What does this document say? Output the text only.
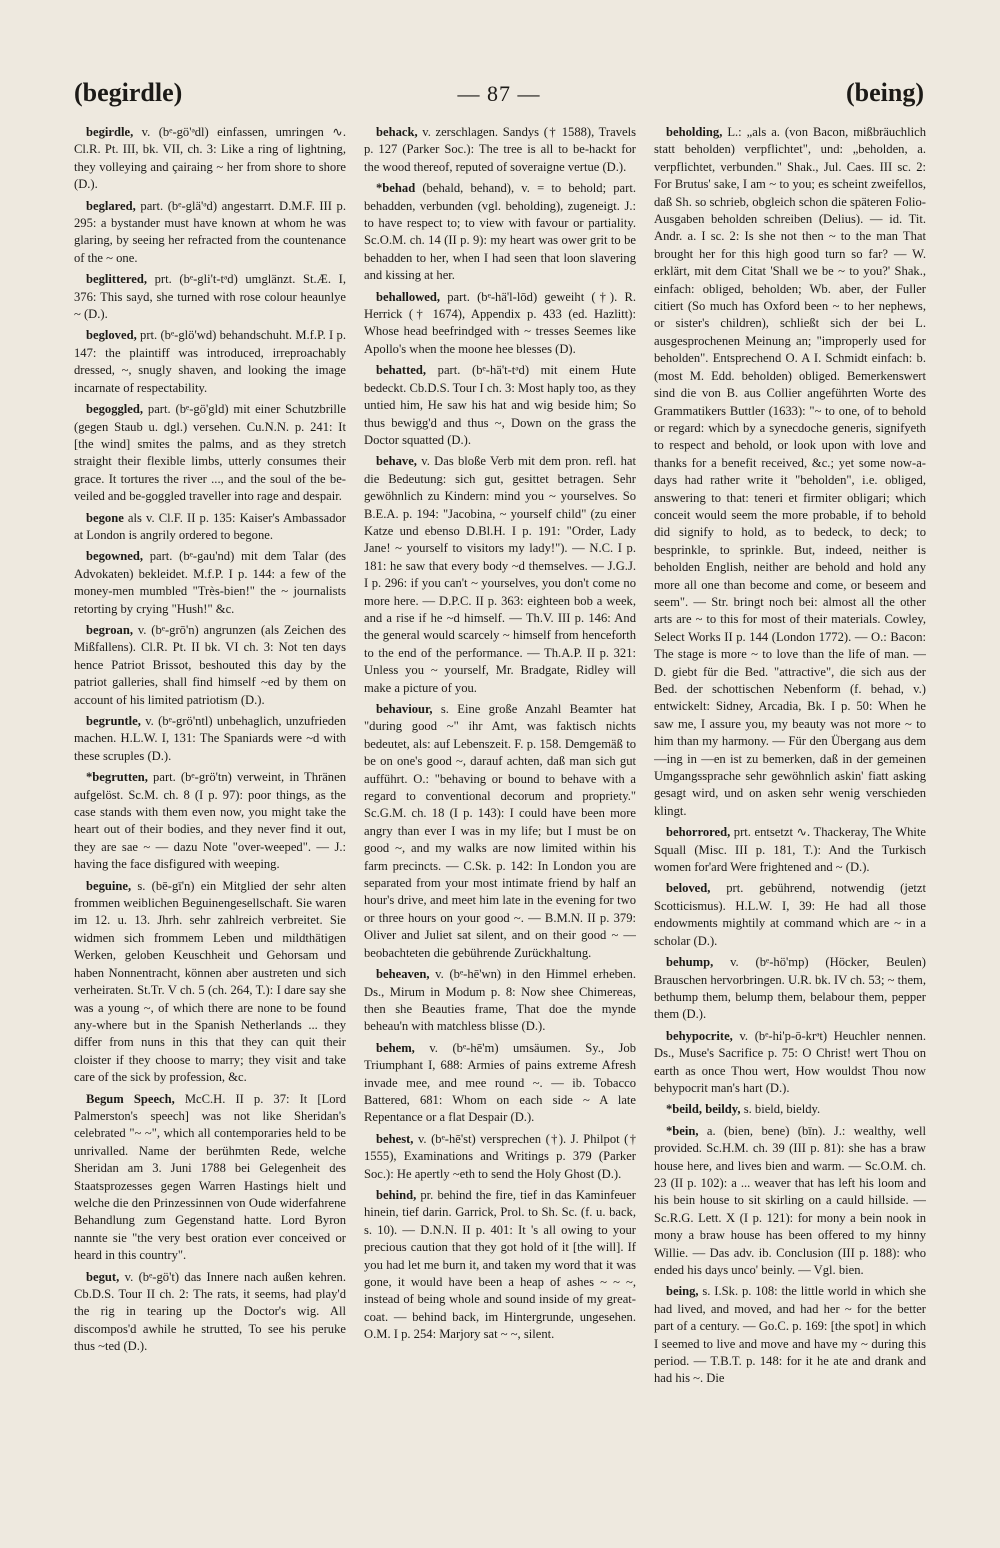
(begirdle)	— 87 —	(being)

begirdle, v. (bᵉ-gö'ᵊdl) einfassen, umringen ∿. Cl.R. Pt. III, bk. VII, ch. 3: Like a ring of lightning, they volleying and çairaing ~ her from shore to shore (D.).

beglared, part. (bᵉ-glä'ᵊd) angestarrt. D.M.F. III p. 295: a bystander must have known at whom he was glaring, by seeing her refracted from the countenance of the ~ one.

beglittered, prt. (bᵉ-gli't-tᵊd) umglänzt. St.Æ. I, 376: This sayd, she turned with rose colour heaunlye ~ (D.).

begloved, prt. (bᵉ-glö'wd) behandschuht. M.f.P. I p. 147: the plaintiff was introduced, irreproachably dressed, ~, snugly shaven, and looking the image incarnate of respectability.

begoggled, part. (bᵉ-gö'gld) mit einer Schutzbrille (gegen Staub u. dgl.) versehen. Cu.N.N. p. 241: It [the wind] smites the palms, and as they stretch straight their flexible limbs, utterly consumes their grace. It tortures the river ..., and the soul of the be-veiled and be-goggled traveller into rage and despair.

begone als v. Cl.F. II p. 135: Kaiser's Ambassador at London is angrily ordered to begone.

begowned, part. (bᵉ-gau'nd) mit dem Talar (des Advokaten) bekleidet. M.f.P. I p. 144: a few of the money-men mumbled "Très-bien!" the ~ journalists retorting by crying "Hush!" &c.

begroan, v. (bᵉ-grō'n) angrunzen (als Zeichen des Mißfallens). Cl.R. Pt. II bk. VI ch. 3: Not ten days hence Patriot Brissot, beshouted this day by the patriot galleries, shall find himself ~ed by them on account of his limited patriotism (D.).

begruntle, v. (bᵉ-grö'ntl) unbehaglich, unzufrieden machen. H.L.W. I, 131: The Spaniards were ~d with these scruples (D.).

*begrutten, part. (bᵉ-grö'tn) verweint, in Thränen aufgelöst. Sc.M. ch. 8 (I p. 97): poor things, as the case stands with them even now, you might take the heart out of their bodies, and they never find it out, they are sae ~ — dazu Note "over-weeped". — J.: having the face disfigured with weeping.

beguine, s. (bē-gī'n) ein Mitglied der sehr alten frommen weiblichen Beguinengesellschaft. Sie waren im 12. u. 13. Jhrh. sehr zahlreich verbreitet. Sie widmen sich frommem Leben und mildthätigen Werken, geloben Keuschheit und Gehorsam und haben Nonnentracht, können aber austreten und sich verheiraten. St.Tr. V ch. 5 (ch. 264, T.): I dare say she was a young ~, of which there are none to be found any-where but in the Spanish Netherlands ... they differ from nuns in this that they can quit their cloister if they choose to marry; they visit and take care of the sick by profession, &c.

Begum Speech, McC.H. II p. 37: It [Lord Palmerston's speech] was not like Sheridan's celebrated "~ ~", which all contemporaries held to be unrivalled. Name der berühmten Rede, welche Sheridan am 3. Juni 1788 bei Gelegenheit des Staatsprozesses gegen Warren Hastings hielt und welche die den Prinzessinnen von Oude widerfahrene Behandlung zum Gegenstand hatte. Lord Byron nannte sie "the very best oration ever conceived or heard in this country".

begut, v. (bᵉ-gö't) das Innere nach außen kehren. Cb.D.S. Tour II ch. 2: The rats, it seems, had play'd the rig in tearing up the Doctor's wig. All discompos'd awhile he strutted, To see his peruke thus ~ted (D.).

behack, v. zerschlagen. Sandys († 1588), Travels p. 127 (Parker Soc.): The tree is all to be-hackt for the wood thereof, reputed of soveraigne vertue (D.).

*behad (behald, behand), v. = to behold; part. behadden, verbunden (vgl. beholding), zugeneigt. J.: to have respect to; to view with favour or partiality. Sc.O.M. ch. 14 (II p. 9): my heart was ower grit to be behadden to her, when I had seen that loon slavering and kissing at her.

behallowed, part. (bᵉ-hä'l-lōd) geweiht (†). R. Herrick († 1674), Appendix p. 433 (ed. Hazlitt): Whose head beefrindged with ~ tresses Seemes like Apollo's when the moone hee blesses (D).

behatted, part. (bᵉ-hä't-tᵊd) mit einem Hute bedeckt. Cb.D.S. Tour I ch. 3: Most haply too, as they untied him, He saw his hat and wig beside him; So thus bewigg'd and thus ~, Down on the grass the Doctor squatted (D.).

behave, v. Das bloße Verb mit dem pron. refl. hat die Bedeutung: sich gut, gesittet betragen. Sehr gewöhnlich zu Kindern: mind you ~ yourselves. So B.E.A. p. 194: "Jacobina, ~ yourself child" (zu einer Katze und ebenso D.Bl.H. I p. 191: "Order, Lady Jane! ~ yourself to visitors my lady!"). — N.C. I p. 181: he saw that every body ~d themselves. — J.G.J. I p. 296: if you can't ~ yourselves, you don't come no more here. — D.P.C. II p. 363: eighteen bob a week, and a rise if he ~d himself. — Th.V. III p. 146: And the general would scarcely ~ himself from henceforth to the end of the performance. — Th.A.P. II p. 321: Unless you ~ yourself, Mr. Bradgate, Ridley will make a picture of you.

behaviour, s. Eine große Anzahl Beamter hat "during good ~" ihr Amt, was faktisch nichts bedeutet, als: auf Lebenszeit. F. p. 158. Demgemäß to be on one's good ~, darauf achten, daß man sich gut aufführt. O.: "behaving or bound to behave with a regard to conventional decorum and propriety." Sc.G.M. ch. 18 (I p. 143): I could have been more angry than ever I was in my life; but I must be on good ~, and my walks are now limited within his farm precincts. — C.Sk. p. 142: In London you are separated from your most intimate friend by half an hour's drive, and meet him late in the evening for two or three hours on your good ~. — B.M.N. II p. 379: Oliver and Juliet sat silent, and on their good ~ — beobachteten die gebührende Zurückhaltung.

beheaven, v. (bᵉ-hē'wn) in den Himmel erheben. Ds., Mirum in Modum p. 8: Now shee Chimereas, then she Beauties frame, That doe the mynde beheau'n with matchless blisse (D.).

behem, v. (bᵉ-hē'm) umsäumen. Sy., Job Triumphant I, 688: Armies of pains extreme Afresh invade mee, and mee round ~. — ib. Tobacco Battered, 681: Whom on each side ~ A late Repentance or a flat Despair (D.).

behest, v. (bᵉ-hē'st) versprechen (†). J. Philpot († 1555), Examinations and Writings p. 379 (Parker Soc.): He apertly ~eth to send the Holy Ghost (D.).

behind, pr. behind the fire, tief in das Kaminfeuer hinein, tief darin. Garrick, Prol. to Sh. Sc. (f. u. back, s. 10). — D.N.N. II p. 401: It 's all owing to your precious caution that they got hold of it [the will]. If you had let me burn it, and taken my word that it was gone, it would have been a heap of ashes ~ ~ ~, instead of being whole and sound inside of my great-coat. — behind back, im Hintergrunde, ungesehen. O.M. I p. 254: Marjory sat ~ ~, silent.

beholding, L.: „als a. (von Bacon, mißbräuchlich statt beholden) verpflichtet", und: „beholden, a. verpflichtet, verbunden." Shak., Jul. Caes. III sc. 2: For Brutus' sake, I am ~ to you; es scheint zweifellos, daß Sh. so schrieb, obgleich schon die späteren Folio-Ausgaben beholden schreiben (Delius). — id. Tit. Andr. a. I sc. 2: Is she not then ~ to the man That brought her for this high good turn so far? — W. erklärt, mit dem Citat 'Shall we be ~ to you?' Shak., einfach: obliged, beholden; Wb. aber, der Fuller citiert (So much has Oxford been ~ to her nephews, or sister's children), schließt sich der bei L. ausgesprochenen Meinung an; "improperly used for beholden". Entsprechend O. A I. Schmidt einfach: b. (most M. Edd. beholden) obliged. Bemerkenswert sind die von B. aus Collier angeführten Worte des Grammatikers Buttler (1633): "~ to one, of to behold or regard: which by a synecdoche generis, signifyeth to respect and behold, or look upon with love and thanks for a benefit received, &c.; yet some now-a-days had rather write it "beholden", i.e. obliged, answering to that: teneri et firmiter obligari; which conceit would seem the more probable, if to behold did signify to hold, as to bedeck, to deck; to besprinkle, to sprinkle. But, indeed, neither is beholden English, neither are behold and hold any more all one than become and come, or beseem and seem". — Str. bringt noch bei: almost all the other arts are ~ to this for most of their materials. Cowley, Select Works II p. 144 (London 1772). — O.: Bacon: The stage is more ~ to love than the life of man. — D. giebt für die Bed. "attractive", die sich aus der Bed. der schottischen Nebenform (f. behad, v.) entwickelt: Sidney, Arcadia, Bk. I p. 50: When he saw me, I assure you, my beauty was not more ~ to him than my harmony. — Für den Übergang aus dem —ing in —en ist zu bemerken, daß in der gemeinen Umgangssprache sehr gewöhnlich askin' fiatt asking gesagt wird, und on asken sehr wenig verschieden klingt.

behorrored, prt. entsetzt ∿. Thackeray, The White Squall (Misc. III p. 181, T.): And the Turkisch women for'ard Were frightened and ~ (D.).

beloved, prt. gebührend, notwendig (jetzt Scotticismus). H.L.W. I, 39: He had all those endowments mightily at command which are ~ in a scholar (D.).

behump, v. (bᵉ-hö'mp) (Höcker, Beulen) Brauschen hervorbringen. U.R. bk. IV ch. 53; ~ them, bethump them, belump them, belabour them, pepper them (D.).

behypocrite, v. (bᵉ-hi'p-ō-krᵊt) Heuchler nennen. Ds., Muse's Sacrifice p. 75: O Christ! wert Thou on earth as once Thou wert, How wouldst Thou now behypocrit man's hart (D.).

*beild, beildy, s. bield, bieldy.

*bein, a. (bien, bene) (bīn). J.: wealthy, well provided. Sc.H.M. ch. 39 (III p. 81): she has a braw house here, and lives bien and warm. — Sc.O.M. ch. 23 (II p. 102): a ... weaver that has left his loom and his bein house to sit skirling on a cauld hillside. — Sc.R.G. Lett. X (I p. 121): for mony a bein nook in mony a braw house has been offered to my hinny Willie. — Das adv. ib. Conclusion (III p. 188): who ended his days unco' beinly. — Vgl. bien.

being, s. I.Sk. p. 108: the little world in which she had lived, and moved, and had her ~ for the better part of a century. — Go.C. p. 169: [the spot] in which I seemed to live and move and have my ~ during this period. — T.B.T. p. 148: for it he ate and drank and had his ~. Die
